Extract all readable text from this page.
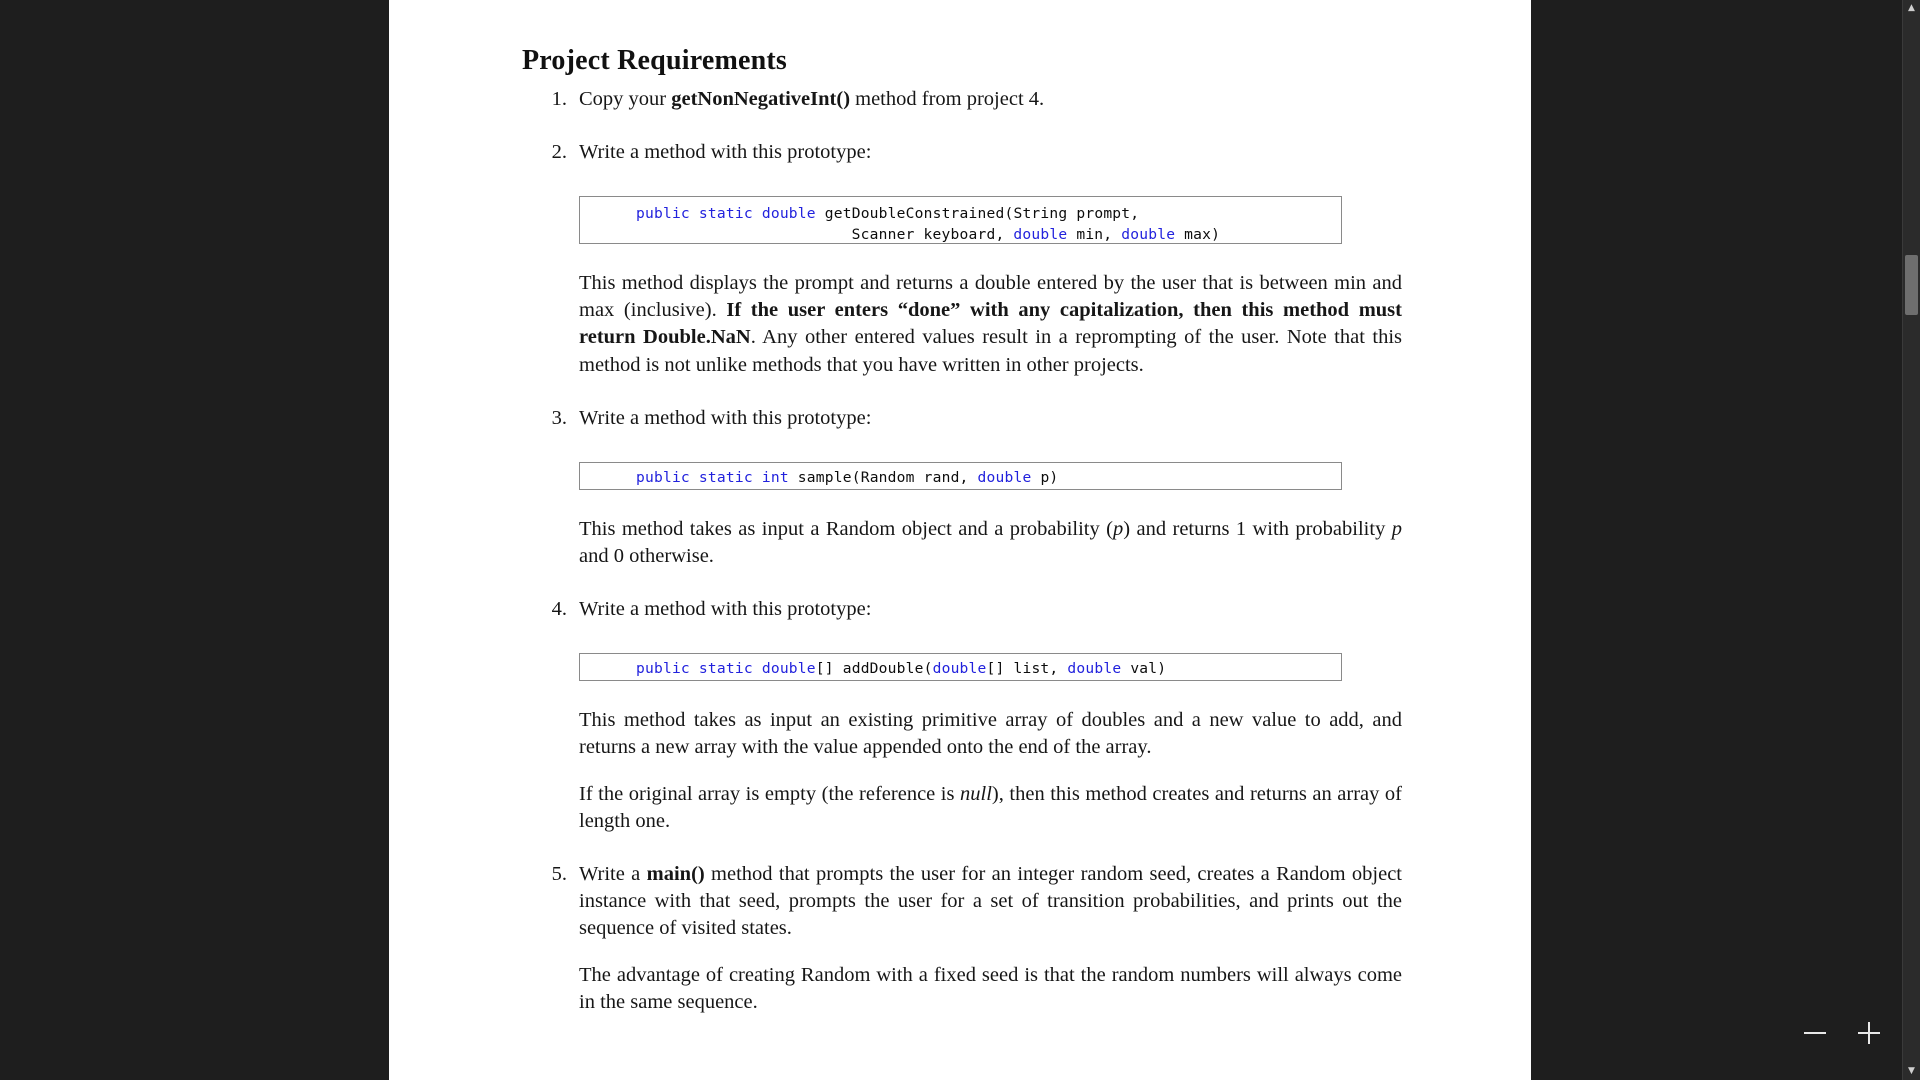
Project Requirements
1. Copy your getNonNegativeInt() method from project 4.
2. Write a method with this prototype:
public static double getDoubleConstrained(String prompt,
Scanner keyboard, double min, double max)

This method displays the prompt and returns a double entered by the user that is between min and max (inclusive). If the user enters “done” with any capitalization, then this method must return Double.NaN. Any other entered values result in a reprompting of the user. Note that this method is not unlike methods that you have written in other projects.

3. Write a method with this prototype:
public static int sample(Random rand, double p)

This method takes as input a Random object and a probability (p) and returns 1 with probability p and 0 otherwise.

4. Write a method with this prototype:
public static double[] addDouble(double[] list, double val)

This method takes as input an existing primitive array of doubles and a new value to add, and returns a new array with the value appended onto the end of the array.

If the original array is empty (the reference is null), then this method creates and returns an array of length one.

5. Write a main() method that prompts the user for an integer random seed, creates a Random object instance with that seed, prompts the user for a set of transition probabilities, and prints out the sequence of visited states.

The advantage of creating Random with a fixed seed is that the random numbers will always come in the same sequence.

▲
▼
